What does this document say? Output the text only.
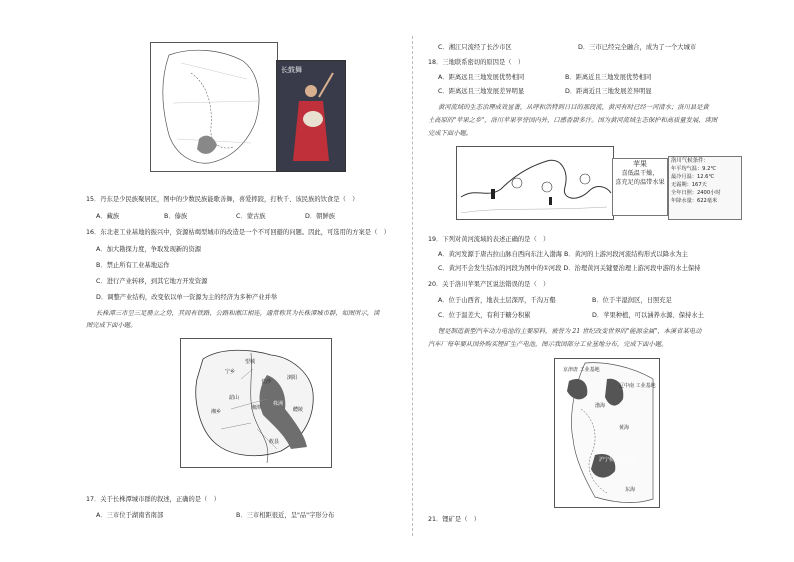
长鼓舞
15．丹东是少民族聚居区，图中的少数民族能歌善舞，喜爱摔跤，打秋千、该民族的饮食是（　）
A．藏族	B．傣族	C．蒙古族	D．朝鲜族
16．东北老工业基地的振兴中，资源枯竭型城市的改造是一个不可回避的问题。因此，可选用的方案是（　）
A．加大勘探力度，争取发现新的资源
B．禁止所有工业基地运作
C．进行产业转移，到其它地方开发资源
D．调整产业结构，改变依以单一资源为主的经济为多种产业并举
长株潭三市呈三足鼎立之势，其间有铁路、公路和湘江相连，通常称其为长株潭城市群，如图所示，读
图完成下面小题。
宁乡
望城
长沙
浏阳
湘潭
株洲
醴陵
湘乡
韶山
攸县
17．关于长株潭城市群的叙述，正确的是（　）
A．三市位于湖南省南部	B．三市相距很近，呈"品"字形分布
C．湘江只流经了长沙市区	D．三市已经完全融合，成为了一个大城市
18．三地联系密切的原因是（　）
A．距离远且三地发展优势相同	B．距离近且三地发展优势相同
C．距离远且三地发展差异明显	D．距离近且三地发展差异明显
黄河流域的生态治理成效显著，从呼和浩特到日目的那段流，黄河有时已经一河清水；洛川县是黄
土高原的"苹果之乡"，洛川苹果享誉国内外，口感香甜多汁。国为黄河流域生态保护和高质量发展，读图
完成下面小题。
苹果
喜低温干燥，
喜充足的温带水果
洛川气候条件：
年平均气温：9.2℃
最冷月温：12.6℃
无霜期：167天
全年日照：2400小时
年降水量：622毫米
19．下列对黄河流域的表述正确的是（　）
A．黄河发源于唐古拉山脉自西向东注入渤海 B．黄河的上游河段河流结构形式以降水为主
C．黄河不会发生结冰的河段为图中的①河段 D．治理黄河关键要治理上游河段中游的水土保持
20．关于洛川苹果产区说法错误的是（　）
A．位于山西省，地表土层深厚，千沟万壑	B．位于半湿润区，日照充足
C．位于温差大，有利于糖分积累	D．苹果种植，可以涵养水源、保持水土
锂是制造新型汽车动力电池的主要原料，被誉为 21 世纪改变世界的"能源金属"，本溪省某电动
汽车厂每年要从国外购买锂矿生产电池，图示我国部分工业基地分布，完成下面小题。
京津唐 工业基地
辽中南 工业基地
沪宁杭 工业基地
渤海
黄海
东海
21．锂矿是（　）
